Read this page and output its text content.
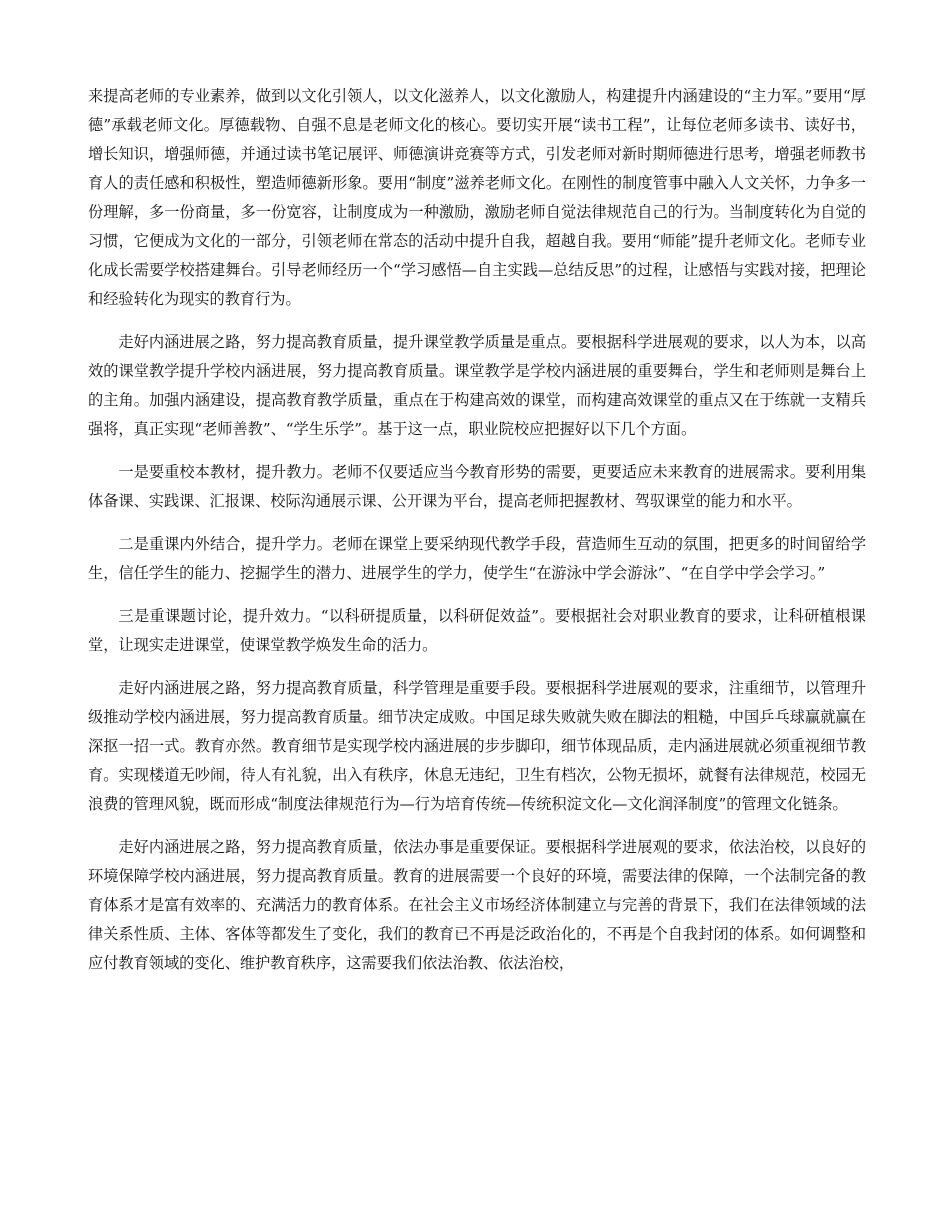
来提高老师的专业素养，做到以文化引领人，以文化滋养人，以文化激励人，构建提升内涵建设的“主力军。”要用“厚德”承载老师文化。厚德载物、自强不息是老师文化的核心。要切实开展“读书工程”，让每位老师多读书、读好书，增长知识，增强师德，并通过读书笔记展评、师德演讲竞赛等方式，引发老师对新时期师德进行思考，增强老师教书育人的责任感和积极性，塑造师德新形象。要用“制度”滋养老师文化。在刚性的制度管事中融入人文关怀，力争多一份理解，多一份商量，多一份宽容，让制度成为一种激励，激励老师自觉法律规范自己的行为。当制度转化为自觉的习惯，它便成为文化的一部分，引领老师在常态的活动中提升自我，超越自我。要用“师能”提升老师文化。老师专业化成长需要学校搭建舞台。引导老师经历一个“学习感悟—自主实践—总结反思”的过程，让感悟与实践对接，把理论和经验转化为现实的教育行为。

走好内涵进展之路，努力提高教育质量，提升课堂教学质量是重点。要根据科学进展观的要求，以人为本，以高效的课堂教学提升学校内涵进展，努力提高教育质量。课堂教学是学校内涵进展的重要舞台，学生和老师则是舞台上的主角。加强内涵建设，提高教育教学质量，重点在于构建高效的课堂，而构建高效课堂的重点又在于练就一支精兵强将，真正实现“老师善教”、“学生乐学”。基于这一点，职业院校应把握好以下几个方面。

一是要重校本教材，提升教力。老师不仅要适应当今教育形势的需要，更要适应未来教育的进展需求。要利用集体备课、实践课、汇报课、校际沟通展示课、公开课为平台，提高老师把握教材、驾驭课堂的能力和水平。

二是重课内外结合，提升学力。老师在课堂上要采纳现代教学手段，营造师生互动的氛围，把更多的时间留给学生，信任学生的能力、挖掘学生的潜力、进展学生的学力，使学生“在游泳中学会游泳”、“在自学中学会学习。”

三是重课题讨论，提升效力。“以科研提质量，以科研促效益”。要根据社会对职业教育的要求，让科研植根课堂，让现实走进课堂，使课堂教学焕发生命的活力。

走好内涵进展之路，努力提高教育质量，科学管理是重要手段。要根据科学进展观的要求，注重细节，以管理升级推动学校内涵进展，努力提高教育质量。细节决定成败。中国足球失败就失败在脚法的粗糙，中国乒乓球赢就赢在深抠一招一式。教育亦然。教育细节是实现学校内涵进展的步步脚印，细节体现品质，走内涵进展就必须重视细节教育。实现楼道无吵闹，待人有礼貌，出入有秩序，休息无违纪，卫生有档次，公物无损坏，就餐有法律规范，校园无浪费的管理风貌，既而形成“制度法律规范行为—行为培育传统—传统积淀文化—文化润泽制度”的管理文化链条。

走好内涵进展之路，努力提高教育质量，依法办事是重要保证。要根据科学进展观的要求，依法治校，以良好的环境保障学校内涵进展，努力提高教育质量。教育的进展需要一个良好的环境，需要法律的保障，一个法制完备的教育体系才是富有效率的、充满活力的教育体系。在社会主义市场经济体制建立与完善的背景下，我们在法律领域的法律关系性质、主体、客体等都发生了变化，我们的教育已不再是泛政治化的，不再是个自我封闭的体系。如何调整和应付教育领域的变化、维护教育秩序，这需要我们依法治教、依法治校，
